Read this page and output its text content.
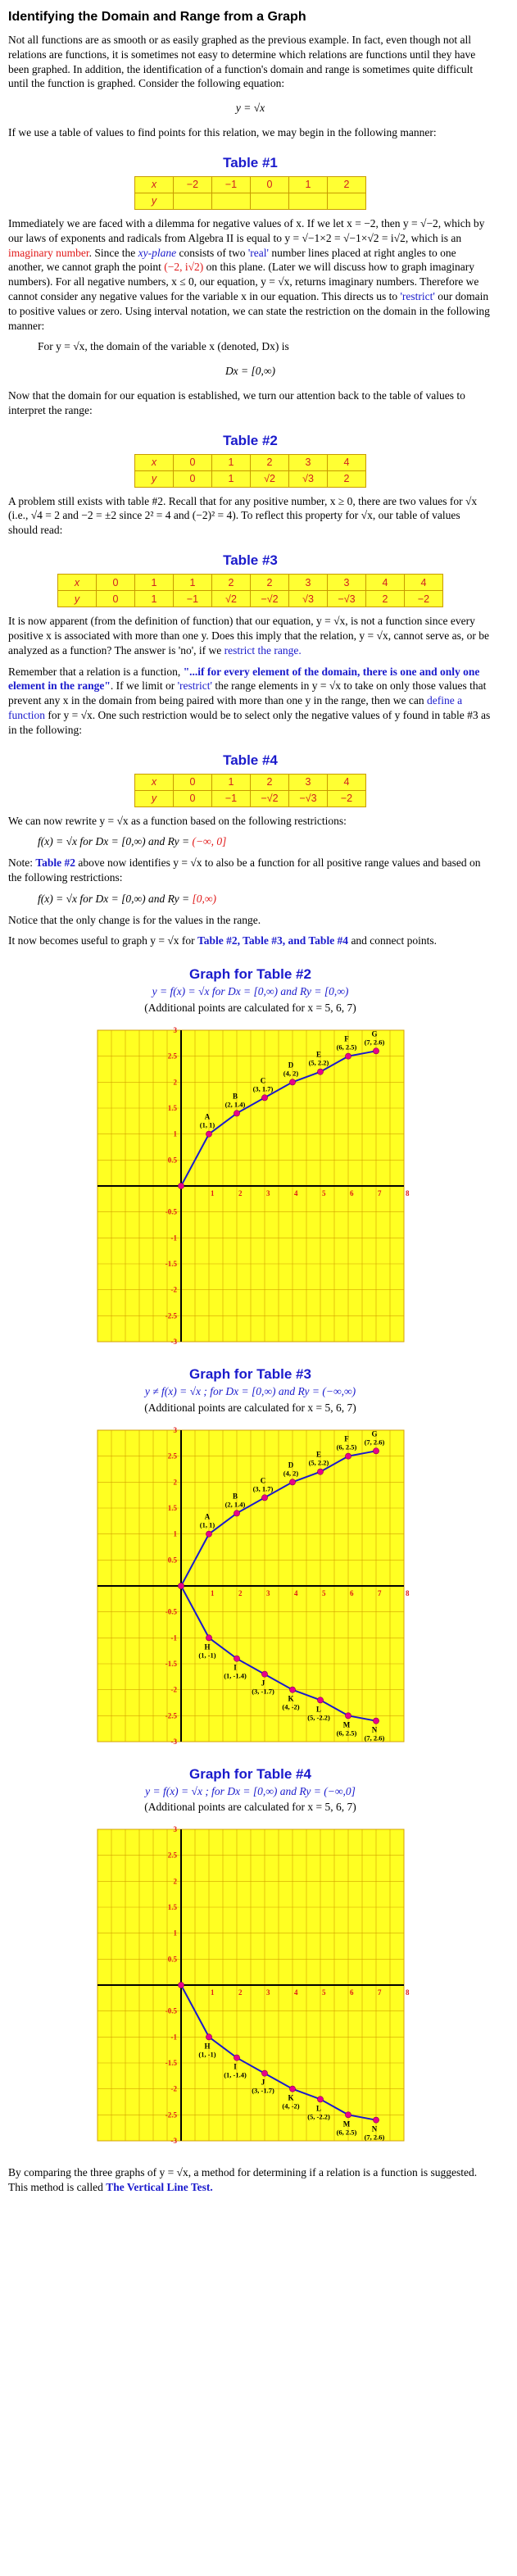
Identifying the Domain and Range from a Graph

Not all functions are as smooth or as easily graphed as the previous example. In fact, even though not all relations are functions, it is sometimes not easy to determine which relations are functions until they have been graphed. In addition, the identification of a function's domain and range is sometimes quite difficult until the function is graphed. Consider the following equation:

y = √x

If we use a table of values to find points for this relation, we may begin in the following manner:

Table #1
x	−2	−1	0	1	2
y					

Immediately we are faced with a dilemma for negative values of x. If we let x = −2, then y = √−2, which by our laws of exponents and radicals from Algebra II is equal to y = √−1×2 = √−1×√2 = i√2, which is an imaginary number. Since the xy-plane consists of two 'real' number lines placed at right angles to one another, we cannot graph the point (−2, i√2) on this plane. (Later we will discuss how to graph imaginary numbers). For all negative numbers, x ≤ 0, our equation, y = √x, returns imaginary numbers. Therefore we cannot consider any negative values for the variable x in our equation. This directs us to 'restrict' our domain to positive values or zero. Using interval notation, we can state the restriction on the domain in the following manner:

For y = √x, the domain of the variable x (denoted, Dx) is

Dx = [0,∞)

Now that the domain for our equation is established, we turn our attention back to the table of values to interpret the range:

Table #2
x	0	1	2	3	4
y	0	1	√2	√3	2

A problem still exists with table #2. Recall that for any positive number, x ≥ 0, there are two values for √x (i.e., √4 = 2 and −2 = ±2 since 2² = 4 and (−2)² = 4). To reflect this property for √x, our table of values should read:

Table #3
x	0	1	1	2	2	3	3	4	4
y	0	1	−1	√2	−√2	√3	−√3	2	−2

It is now apparent (from the definition of function) that our equation, y = √x, is not a function since every positive x is associated with more than one y. Does this imply that the relation, y = √x, cannot serve as, or be analyzed as a function? The answer is 'no', if we restrict the range.

Remember that a relation is a function, "...if for every element of the domain, there is one and only one element in the range". If we limit or 'restrict' the range elements in y = √x to take on only those values that prevent any x in the domain from being paired with more than one y in the range, then we can define a function for y = √x. One such restriction would be to select only the negative values of y found in table #3 as in the following:

Table #4
x	0	1	2	3	4
y	0	−1	−√2	−√3	−2

We can now rewrite y = √x as a function based on the following restrictions:

f(x) = √x for Dx = [0,∞) and Ry = (−∞, 0]

Note: Table #2 above now identifies y = √x to also be a function for all positive range values and based on the following restrictions:

f(x) = √x for Dx = [0,∞) and Ry = [0,∞)

Notice that the only change is for the values in the range.

It now becomes useful to graph y = √x for Table #2, Table #3, and Table #4 and connect points.

Graph for Table #2

y = f(x) = √x for Dx = [0,∞) and Ry = [0,∞)

(Additional points are calculated for x = 5, 6, 7)

1	2	3	4	5	6	7	8
3
2.5
2
1.5
1
0.5
-0.5
-1
-1.5
-2
-2.5
-3
A
(1, 1)
B
(2, 1.4)
C
(3, 1.7)
D
(4, 2)
E
(5, 2.2)
F
(6, 2.5)
G
(7, 2.6)
Graph for Table #3

y ≠ f(x) = √x ; for Dx = [0,∞) and Ry = (−∞,∞)

(Additional points are calculated for x = 5, 6, 7)

1	2	3	4	5	6	7	8
3
2.5
2
1.5
1
0.5
-0.5
-1
-1.5
-2
-2.5
-3
A
(1, 1)
B
(2, 1.4)
C
(3, 1.7)
D
(4, 2)
E
(5, 2.2)
F
(6, 2.5)
G
(7, 2.6)
H
(1, -1)
I
(1, -1.4)
J
(3, -1.7)
K
(4, -2) L
(5, -2.2)
M
(6, 2.5) N
(7, 2.6)
Graph for Table #4

y = f(x) = √x ; for Dx = [0,∞) and Ry = (−∞,0]

(Additional points are calculated for x = 5, 6, 7)

1	2	3	4	5	6	7	8
3
2.5
2
1.5
1
0.5
-0.5
-1
-1.5
-2
-2.5
-3
H
(1, -1)
I
(1, -1.4)
J
(3, -1.7)
K
(4, -2) L
(5, -2.2)
M
(6, 2.5) N
(7, 2.6)

By comparing the three graphs of y = √x, a method for determining if a relation is a function is suggested. This method is called The Vertical Line Test.
